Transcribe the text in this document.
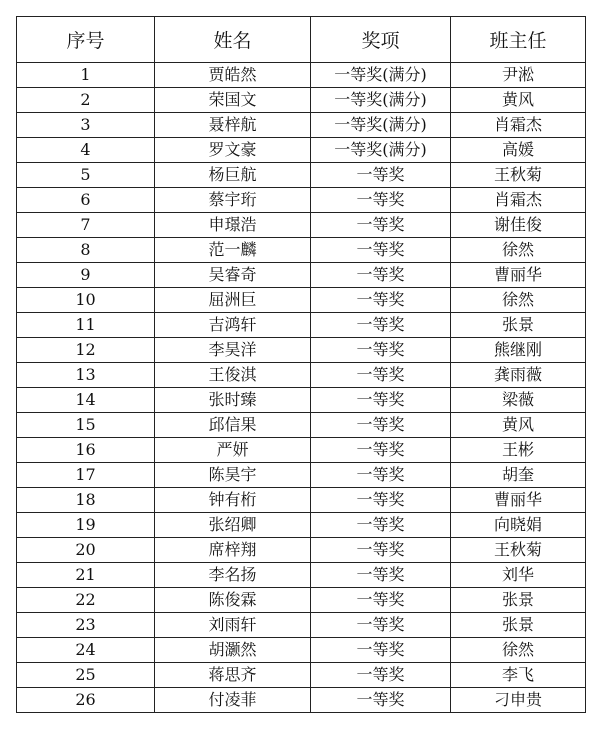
序号	姓名	奖项	班主任
1	贾皓然	一等奖(满分)	尹淞
2	荣国文	一等奖(满分)	黄风
3	聂梓航	一等奖(满分)	肖霜杰
4	罗文豪	一等奖(满分)	高媛
5	杨巨航	一等奖	王秋菊
6	蔡宇珩	一等奖	肖霜杰
7	申璟浩	一等奖	谢佳俊
8	范一麟	一等奖	徐然
9	吴睿奇	一等奖	曹丽华
10	屈洲巨	一等奖	徐然
11	吉鸿轩	一等奖	张景
12	李昊洋	一等奖	熊继刚
13	王俊淇	一等奖	龚雨薇
14	张时臻	一等奖	梁薇
15	邱信果	一等奖	黄风
16	严妍	一等奖	王彬
17	陈昊宇	一等奖	胡奎
18	钟有桁	一等奖	曹丽华
19	张绍卿	一等奖	向晓娟
20	席梓翔	一等奖	王秋菊
21	李名扬	一等奖	刘华
22	陈俊霖	一等奖	张景
23	刘雨轩	一等奖	张景
24	胡灏然	一等奖	徐然
25	蒋思齐	一等奖	李飞
26	付凌菲	一等奖	刁申贵
